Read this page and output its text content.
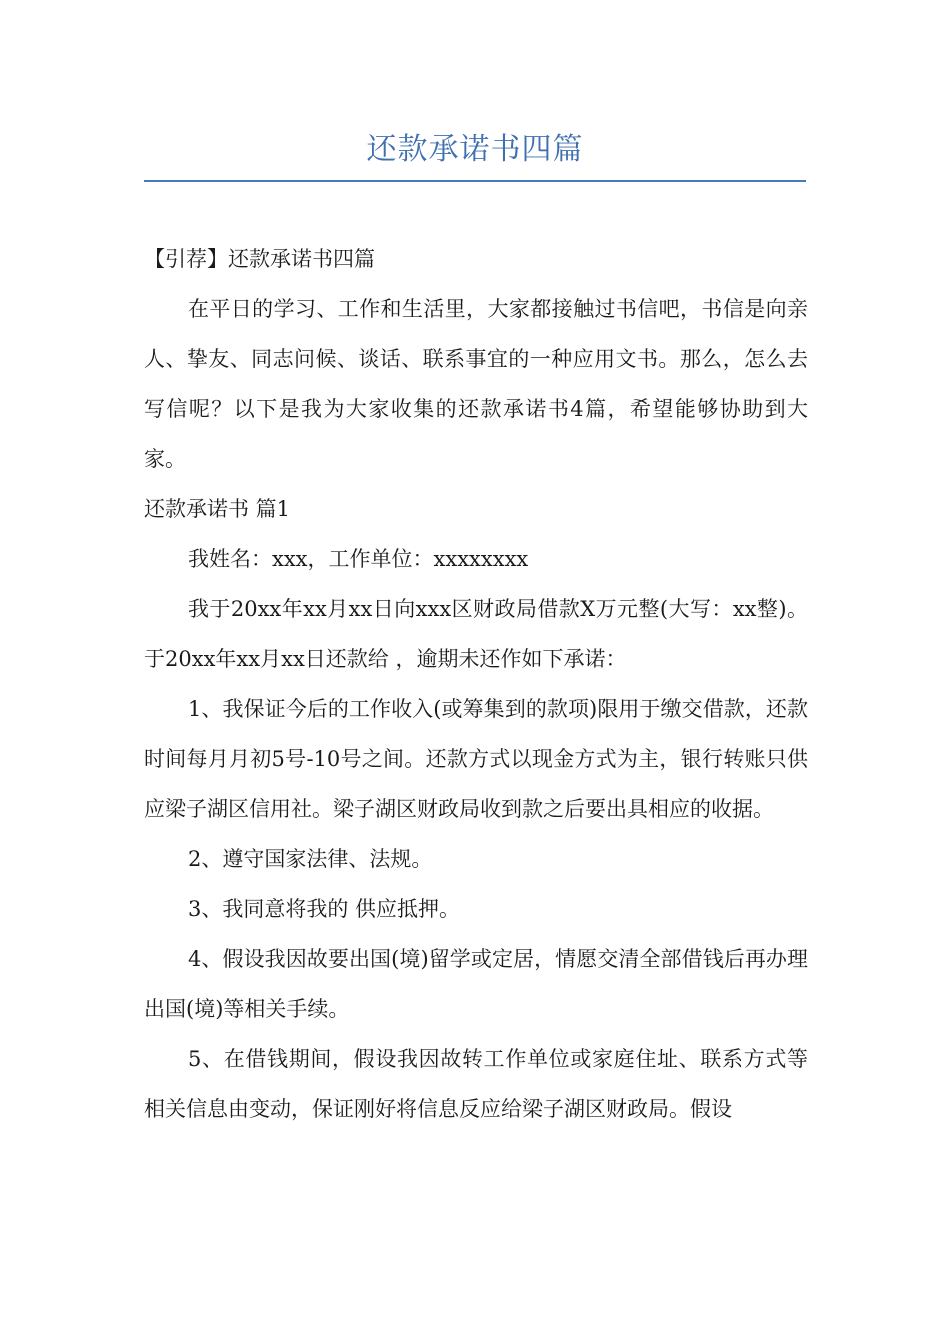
还款承诺书四篇

【引荐】还款承诺书四篇

在平日的学习、工作和生活里，大家都接触过书信吧，书信是向亲人、挚友、同志问候、谈话、联系事宜的一种应用文书。那么，怎么去写信呢？以下是我为大家收集的还款承诺书4篇，希望能够协助到大家。

还款承诺书 篇1

我姓名：xxx，工作单位：xxxxxxxx

我于20xx年xx月xx日向xxx区财政局借款X万元整(大写：xx整)。于20xx年xx月xx日还款给 ，逾期未还作如下承诺：

1、我保证今后的工作收入(或筹集到的款项)限用于缴交借款，还款时间每月月初5号-10号之间。还款方式以现金方式为主，银行转账只供应梁子湖区信用社。梁子湖区财政局收到款之后要出具相应的收据。

2、遵守国家法律、法规。

3、我同意将我的 供应抵押。

4、假设我因故要出国(境)留学或定居，情愿交清全部借钱后再办理出国(境)等相关手续。

5、在借钱期间，假设我因故转工作单位或家庭住址、联系方式等相关信息由变动，保证刚好将信息反应给梁子湖区财政局。假设
